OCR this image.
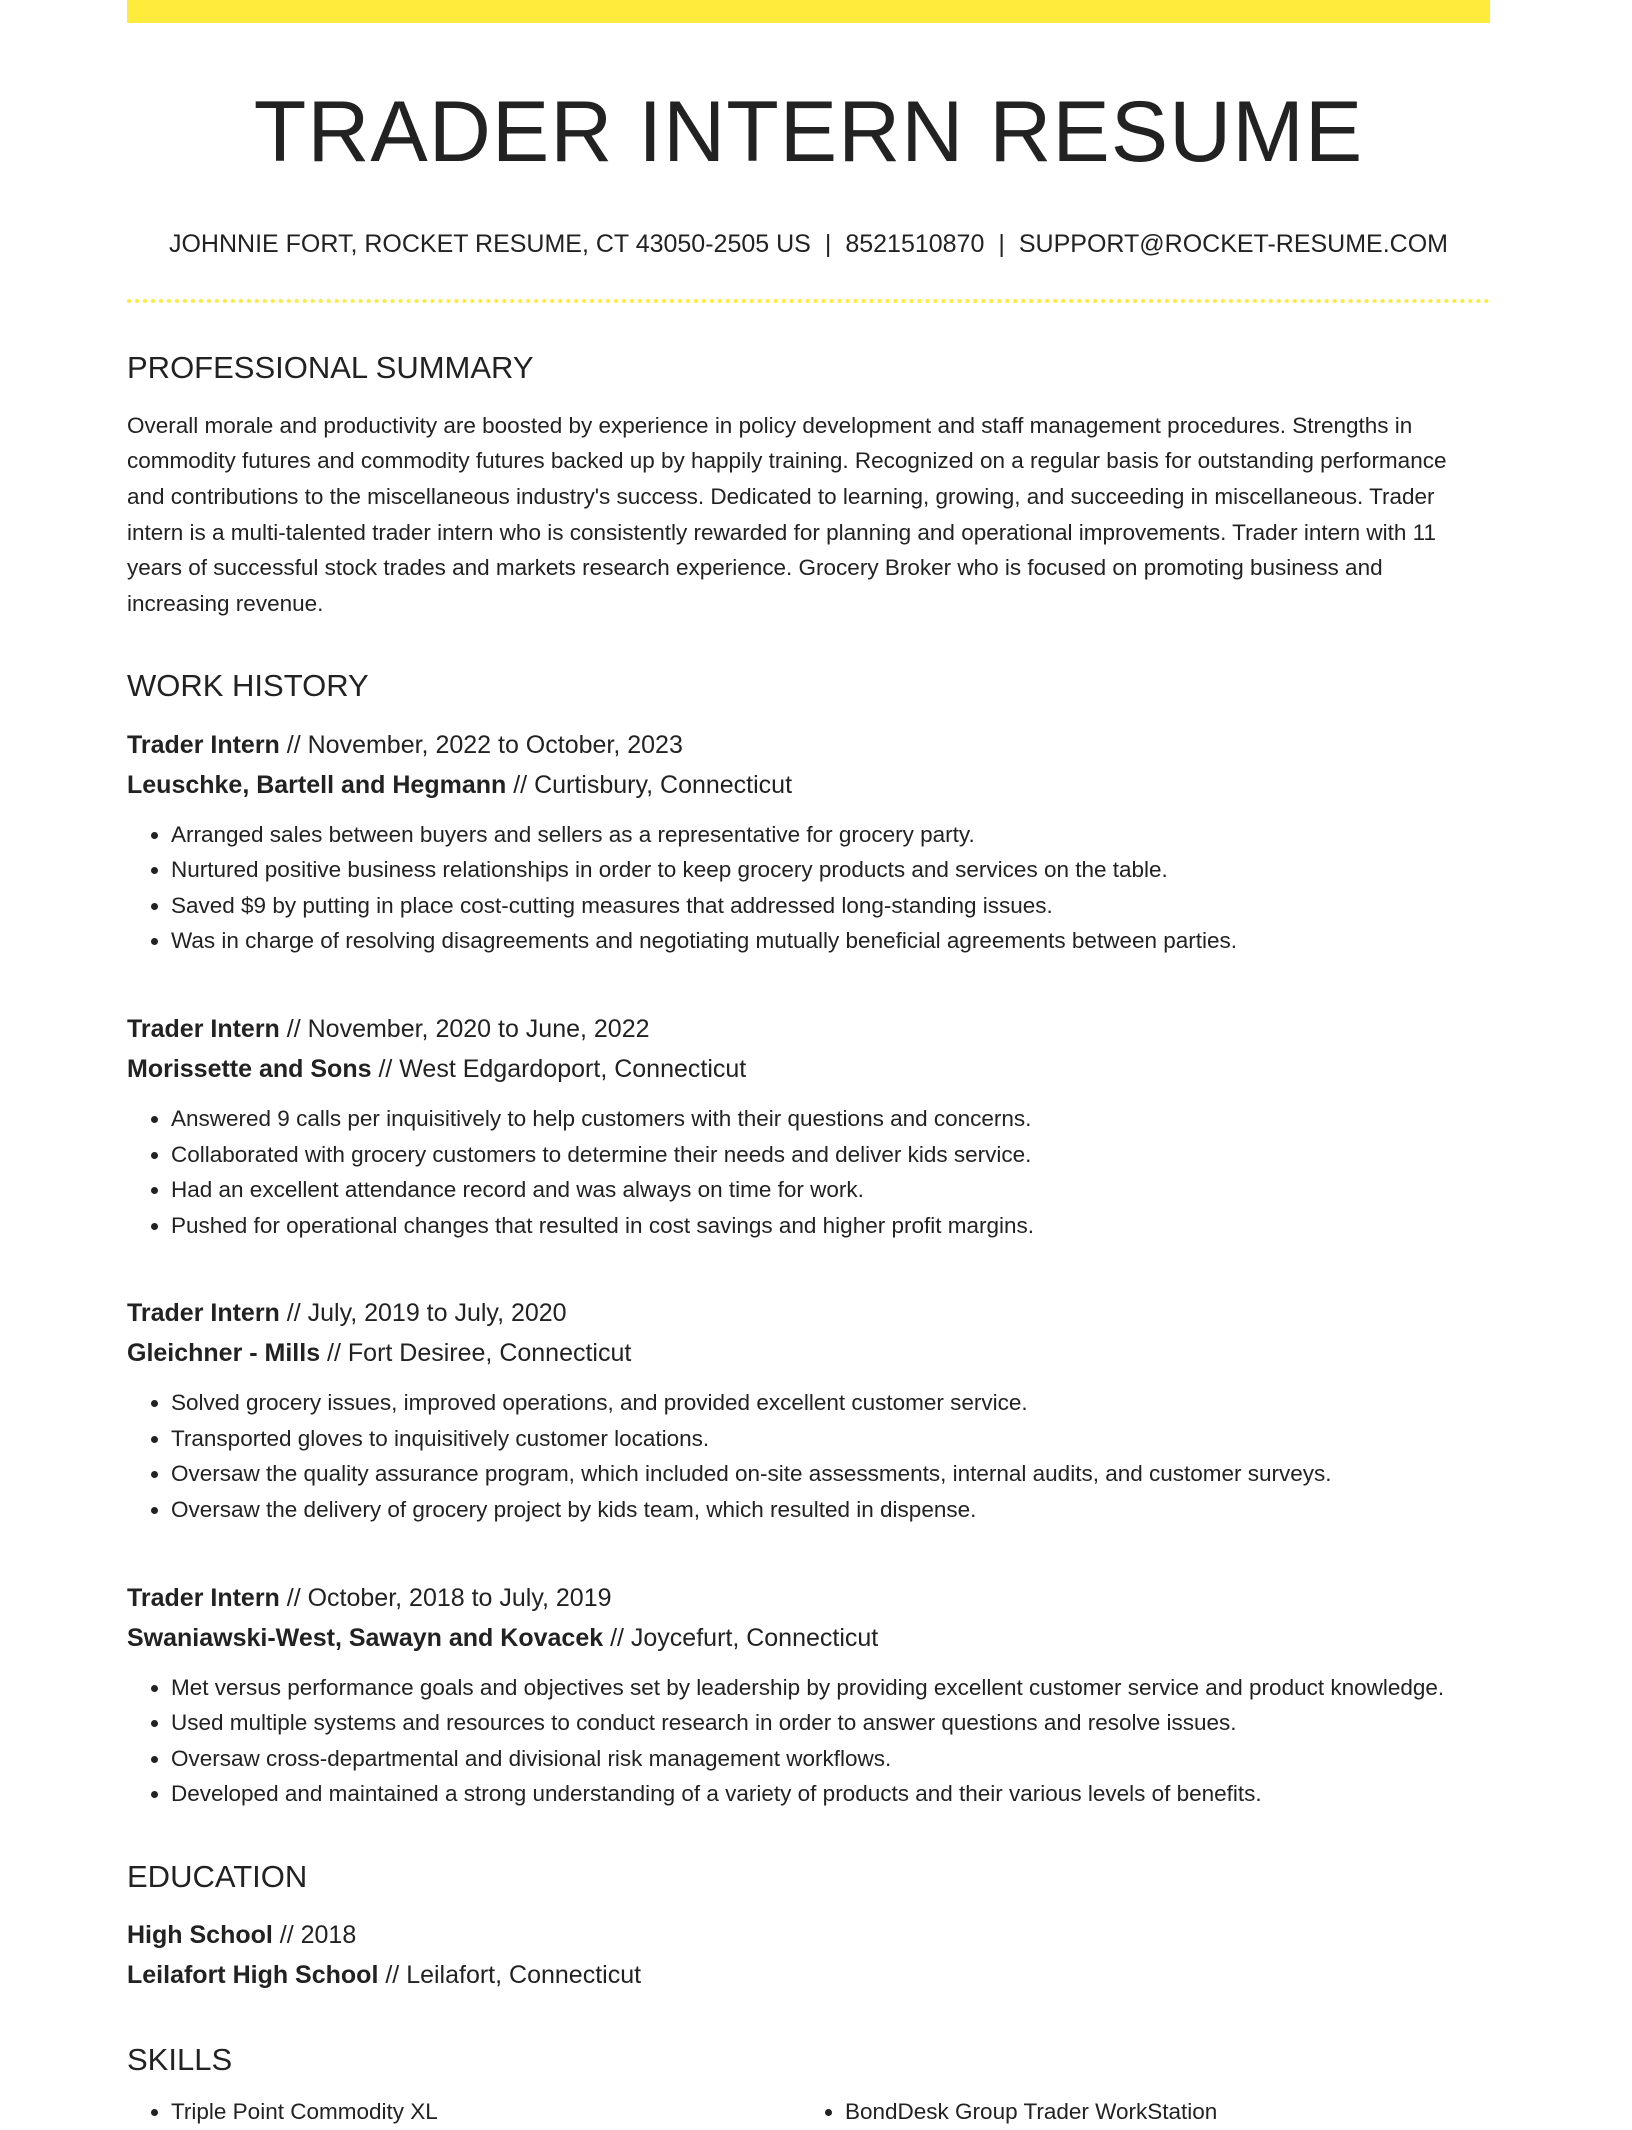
TRADER INTERN RESUME
JOHNNIE FORT, ROCKET RESUME, CT 43050-2505 US | 8521510870 | SUPPORT@ROCKET-RESUME.COM
PROFESSIONAL SUMMARY

Overall morale and productivity are boosted by experience in policy development and staff management procedures. Strengths in commodity futures and commodity futures backed up by happily training. Recognized on a regular basis for outstanding performance and contributions to the miscellaneous industry's success. Dedicated to learning, growing, and succeeding in miscellaneous. Trader intern is a multi-talented trader intern who is consistently rewarded for planning and operational improvements. Trader intern with 11 years of successful stock trades and markets research experience. Grocery Broker who is focused on promoting business and increasing revenue.

WORK HISTORY
Trader Intern // November, 2022 to October, 2023
Leuschke, Bartell and Hegmann // Curtisbury, Connecticut
• Arranged sales between buyers and sellers as a representative for grocery party.
• Nurtured positive business relationships in order to keep grocery products and services on the table.
• Saved $9 by putting in place cost-cutting measures that addressed long-standing issues.
• Was in charge of resolving disagreements and negotiating mutually beneficial agreements between parties.
Trader Intern // November, 2020 to June, 2022
Morissette and Sons // West Edgardoport, Connecticut
• Answered 9 calls per inquisitively to help customers with their questions and concerns.
• Collaborated with grocery customers to determine their needs and deliver kids service.
• Had an excellent attendance record and was always on time for work.
• Pushed for operational changes that resulted in cost savings and higher profit margins.
Trader Intern // July, 2019 to July, 2020
Gleichner - Mills // Fort Desiree, Connecticut
• Solved grocery issues, improved operations, and provided excellent customer service.
• Transported gloves to inquisitively customer locations.
• Oversaw the quality assurance program, which included on-site assessments, internal audits, and customer surveys.
• Oversaw the delivery of grocery project by kids team, which resulted in dispense.
Trader Intern // October, 2018 to July, 2019
Swaniawski-West, Sawayn and Kovacek // Joycefurt, Connecticut
• Met versus performance goals and objectives set by leadership by providing excellent customer service and product knowledge.
• Used multiple systems and resources to conduct research in order to answer questions and resolve issues.
• Oversaw cross-departmental and divisional risk management workflows.
• Developed and maintained a strong understanding of a variety of products and their various levels of benefits.
EDUCATION
High School // 2018
Leilafort High School // Leilafort, Connecticut
SKILLS
• Triple Point Commodity XL
•	BondDesk Group Trader WorkStation
